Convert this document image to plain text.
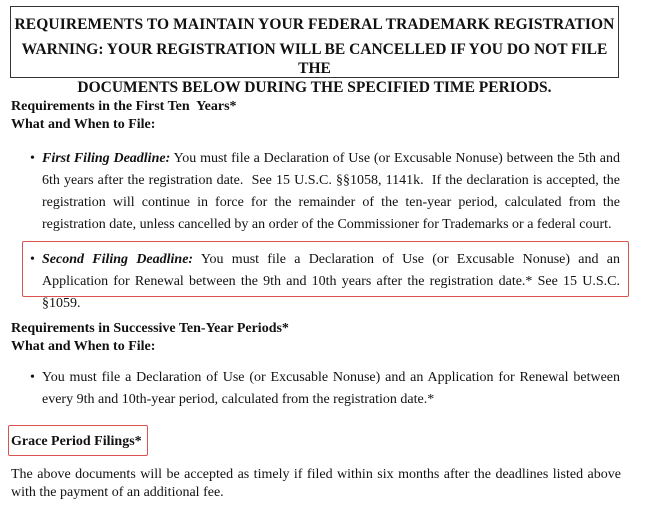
REQUIREMENTS TO MAINTAIN YOUR FEDERAL TRADEMARK REGISTRATION
WARNING: YOUR REGISTRATION WILL BE CANCELLED IF YOU DO NOT FILE THE
DOCUMENTS BELOW DURING THE SPECIFIED TIME PERIODS.
Requirements in the First Ten  Years*
What and When to File:
• First Filing Deadline: You must file a Declaration of Use (or Excusable Nonuse) between the 5th and 6th years after the registration date.  See 15 U.S.C. §§1058, 1141k.  If the declaration is accepted, the registration will continue in force for the remainder of the ten-year period, calculated from the registration date, unless cancelled by an order of the Commissioner for Trademarks or a federal court.
• Second Filing Deadline: You must file a Declaration of Use (or Excusable Nonuse) and an Application for Renewal between the 9th and 10th years after the registration date.* See 15 U.S.C. §1059.
Requirements in Successive Ten-Year Periods*
What and When to File:
• You must file a Declaration of Use (or Excusable Nonuse) and an Application for Renewal between every 9th and 10th-year period, calculated from the registration date.*
Grace Period Filings*
The above documents will be accepted as timely if filed within six months after the deadlines listed above with the payment of an additional fee.
